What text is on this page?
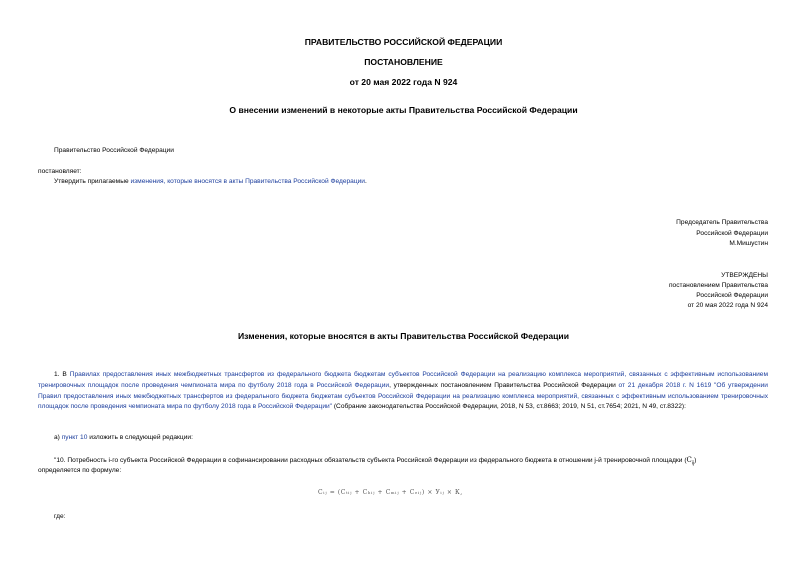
ПРАВИТЕЛЬСТВО РОССИЙСКОЙ ФЕДЕРАЦИИ
ПОСТАНОВЛЕНИЕ
от 20 мая 2022 года N 924
О внесении изменений в некоторые акты Правительства Российской Федерации
Правительство Российской Федерации
постановляет:
Утвердить прилагаемые изменения, которые вносятся в акты Правительства Российской Федерации.
Председатель Правительства
Российской Федерации
М.Мишустин
УТВЕРЖДЕНЫ
постановлением Правительства
Российской Федерации
от 20 мая 2022 года N 924
Изменения, которые вносятся в акты Правительства Российской Федерации
1. В Правилах предоставления иных межбюджетных трансфертов из федерального бюджета бюджетам субъектов Российской Федерации на реализацию комплекса мероприятий, связанных с эффективным использованием тренировочных площадок после проведения чемпионата мира по футболу 2018 года в Российской Федерации, утвержденных постановлением Правительства Российской Федерации от 21 декабря 2018 г. N 1619 "Об утверждении Правил предоставления иных межбюджетных трансфертов из федерального бюджета бюджетам субъектов Российской Федерации на реализацию комплекса мероприятий, связанных с эффективным использованием тренировочных площадок после проведения чемпионата мира по футболу 2018 года в Российской Федерации" (Собрание законодательства Российской Федерации, 2018, N 53, ст.8663; 2019, N 51, ст.7654; 2021, N 49, ст.8322):
а) пункт 10 изложить в следующей редакции:
"10. Потребность i-го субъекта Российской Федерации в софинансировании расходных обязательств субъекта Российской Федерации из федерального бюджета в отношении j-й тренировочной площадки $(C_{ij})$
определяется по формуле:
Cᵢⱼ = (Сₜᵢⱼ + Сₕᵢⱼ + Сₘᵢⱼ + Сₑᵢⱼ) × Уᵢⱼ × К,
где:
